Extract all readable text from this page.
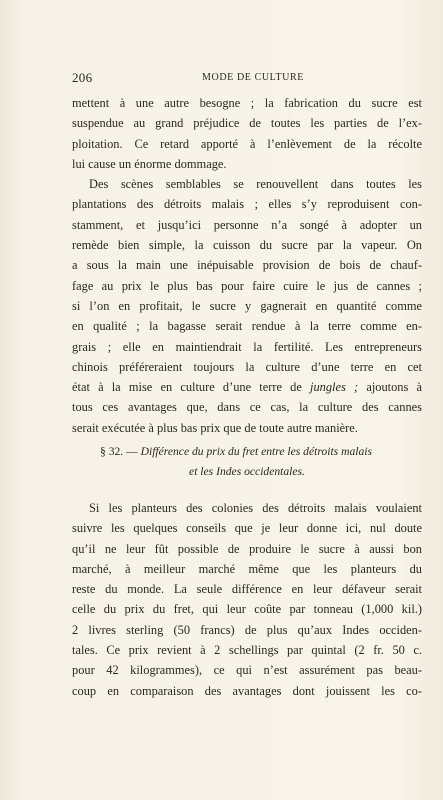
206	MODE DE CULTURE
mettent à une autre besogne ; la fabrication du sucre est
suspendue au grand préjudice de toutes les parties de l’ex-
ploitation. Ce retard apporté à l’enlèvement de la récolte
lui cause un énorme dommage.
Des scènes semblables se renouvellent dans toutes les
plantations des détroits malais ; elles s’y reproduisent con-
stamment, et jusqu’ici personne n’a songé à adopter un
remède bien simple, la cuisson du sucre par la vapeur. On
a sous la main une inépuisable provision de bois de chauf-
fage au prix le plus bas pour faire cuire le jus de cannes ;
si l’on en profitait, le sucre y gagnerait en quantité comme
en qualité ; la bagasse serait rendue à la terre comme en-
grais ; elle en maintiendrait la fertilité. Les entrepreneurs
chinois préféreraient toujours la culture d’une terre en cet
état à la mise en culture d’une terre de jungles ; ajoutons à
tous ces avantages que, dans ce cas, la culture des cannes
serait exécutée à plus bas prix que de toute autre manière.
§ 32. — Différence du prix du fret entre les détroits malais
et les Indes occidentales.
Si les planteurs des colonies des détroits malais voulaient
suivre les quelques conseils que je leur donne ici, nul doute
qu’il ne leur fût possible de produire le sucre à aussi bon
marché, à meilleur marché même que les planteurs du
reste du monde. La seule différence en leur défaveur serait
celle du prix du fret, qui leur coûte par tonneau (1,000 kil.)
2 livres sterling (50 francs) de plus qu’aux Indes occiden-
tales. Ce prix revient à 2 schellings par quintal (2 fr. 50 c.
pour 42 kilogrammes), ce qui n’est assurément pas beau-
coup en comparaison des avantages dont jouissent les co-
